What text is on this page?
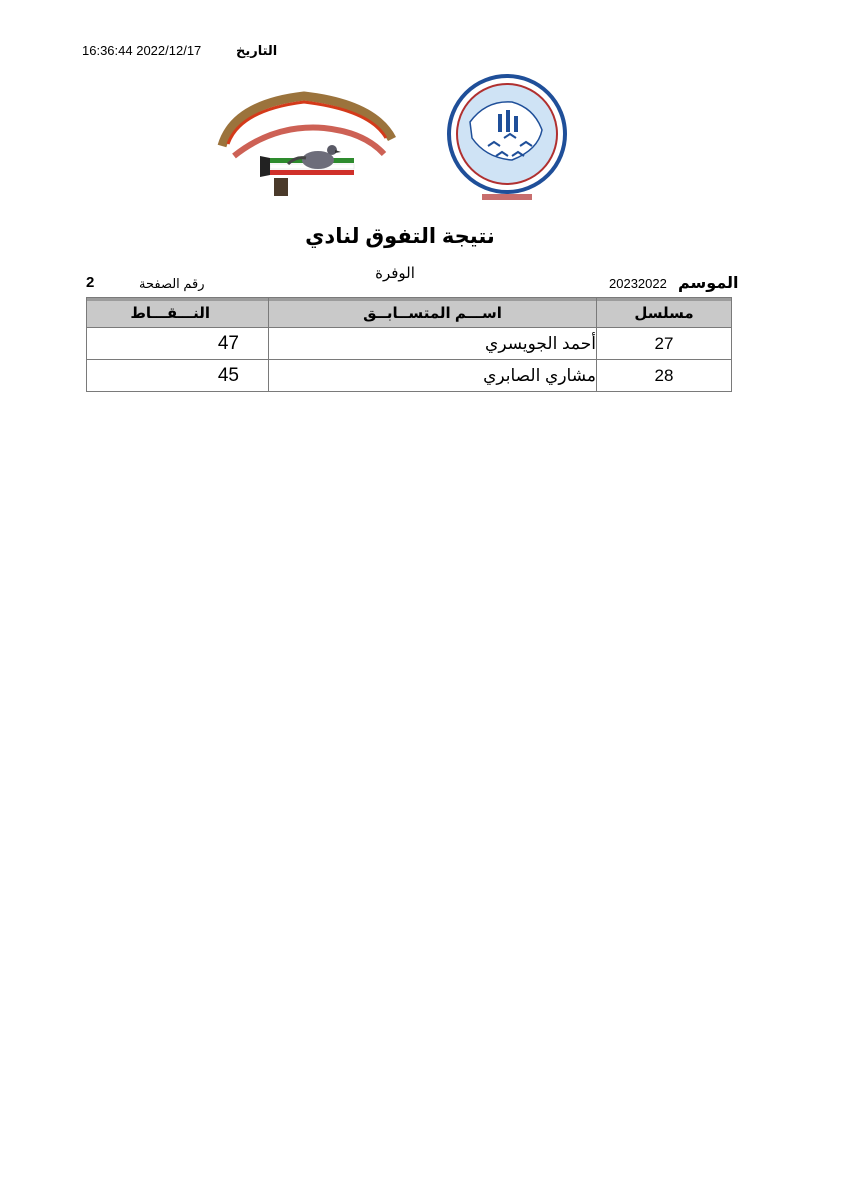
التاريخ
16:36:44 2022/12/17
نتيجة التفوق لنادي
الوفرة
الموسم
20232022
رقم الصفحة
2
مسلسل	اســـم المتســابــق	النـــقـــاط

27	أحمد الجويسري	47
28	مشاري الصابري	45
